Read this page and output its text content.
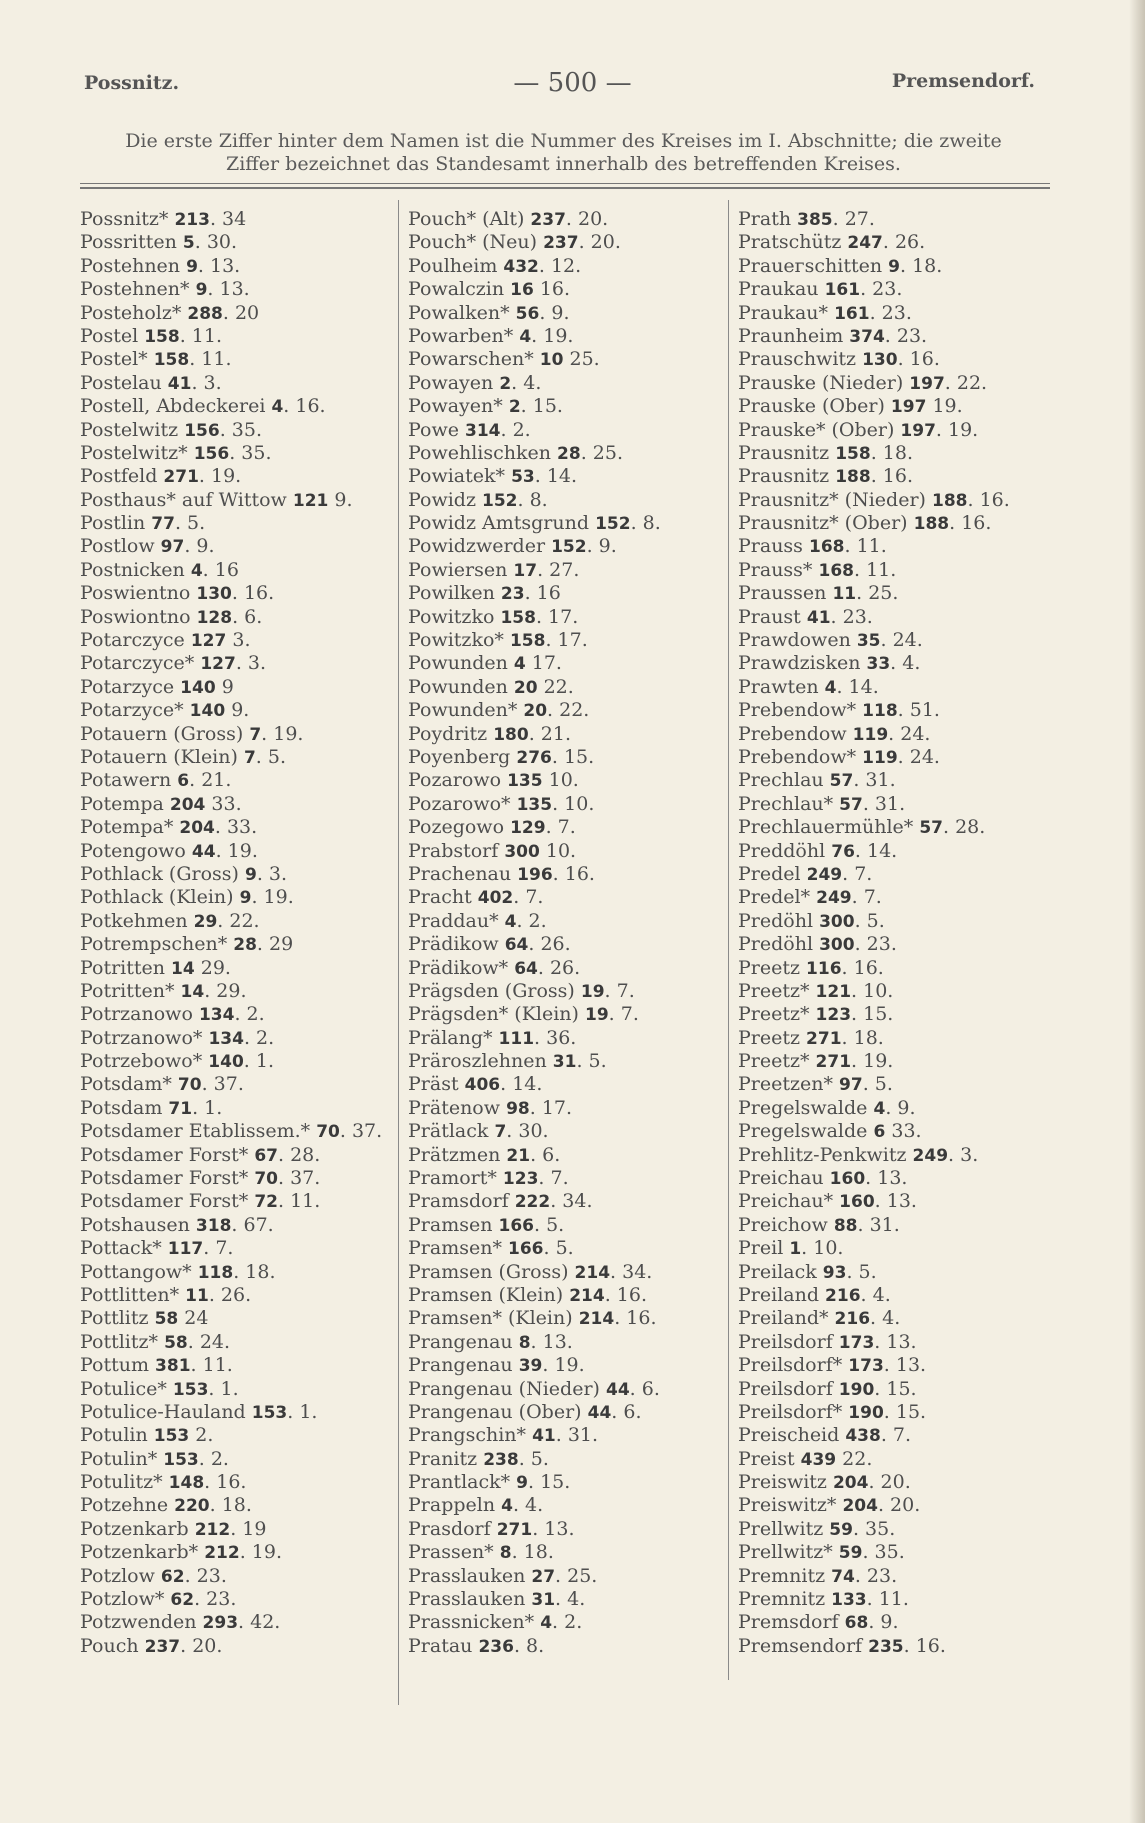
Possnitz.	— 500 —	Premsendorf.
Die erste Ziffer hinter dem Namen ist die Nummer des Kreises im I. Abschnitte; die zweite
Ziffer bezeichnet das Standesamt innerhalb des betreffenden Kreises.
Possnitz* 213. 34
Possritten 5. 30.
Postehnen 9. 13.
Postehnen* 9. 13.
Posteholz* 288. 20
Postel 158. 11.
Postel* 158. 11.
Postelau 41. 3.
Postell, Abdeckerei 4. 16.
Postelwitz 156. 35.
Postelwitz* 156. 35.
Postfeld 271. 19.
Posthaus* auf Wittow 121 9.
Postlin 77. 5.
Postlow 97. 9.
Postnicken 4. 16
Poswientno 130. 16.
Poswiontno 128. 6.
Potarczyce 127 3.
Potarczyce* 127. 3.
Potarzyce 140 9
Potarzyce* 140 9.
Potauern (Gross) 7. 19.
Potauern (Klein) 7. 5.
Potawern 6. 21.
Potempa 204 33.
Potempa* 204. 33.
Potengowo 44. 19.
Pothlack (Gross) 9. 3.
Pothlack (Klein) 9. 19.
Potkehmen 29. 22.
Potrempschen* 28. 29
Potritten 14 29.
Potritten* 14. 29.
Potrzanowo 134. 2.
Potrzanowo* 134. 2.
Potrzebowo* 140. 1.
Potsdam* 70. 37.
Potsdam 71. 1.
Potsdamer Etablissem.* 70. 37.
Potsdamer Forst* 67. 28.
Potsdamer Forst* 70. 37.
Potsdamer Forst* 72. 11.
Potshausen 318. 67.
Pottack* 117. 7.
Pottangow* 118. 18.
Pottlitten* 11. 26.
Pottlitz 58 24
Pottlitz* 58. 24.
Pottum 381. 11.
Potulice* 153. 1.
Potulice-Hauland 153. 1.
Potulin 153 2.
Potulin* 153. 2.
Potulitz* 148. 16.
Potzehne 220. 18.
Potzenkarb 212. 19
Potzenkarb* 212. 19.
Potzlow 62. 23.
Potzlow* 62. 23.
Potzwenden 293. 42.
Pouch 237. 20.
Pouch* (Alt) 237. 20.
Pouch* (Neu) 237. 20.
Poulheim 432. 12.
Powalczin 16 16.
Powalken* 56. 9.
Powarben* 4. 19.
Powarschen* 10 25.
Powayen 2. 4.
Powayen* 2. 15.
Powe 314. 2.
Powehlischken 28. 25.
Powiatek* 53. 14.
Powidz 152. 8.
Powidz Amtsgrund 152. 8.
Powidzwerder 152. 9.
Powiersen 17. 27.
Powilken 23. 16
Powitzko 158. 17.
Powitzko* 158. 17.
Powunden 4 17.
Powunden 20 22.
Powunden* 20. 22.
Poydritz 180. 21.
Poyenberg 276. 15.
Pozarowo 135 10.
Pozarowo* 135. 10.
Pozegowo 129. 7.
Prabstorf 300 10.
Prachenau 196. 16.
Pracht 402. 7.
Praddau* 4. 2.
Prädikow 64. 26.
Prädikow* 64. 26.
Prägsden (Gross) 19. 7.
Prägsden* (Klein) 19. 7.
Prälang* 111. 36.
Präroszlehnen 31. 5.
Präst 406. 14.
Prätenow 98. 17.
Prätlack 7. 30.
Prätzmen 21. 6.
Pramort* 123. 7.
Pramsdorf 222. 34.
Pramsen 166. 5.
Pramsen* 166. 5.
Pramsen (Gross) 214. 34.
Pramsen (Klein) 214. 16.
Pramsen* (Klein) 214. 16.
Prangenau 8. 13.
Prangenau 39. 19.
Prangenau (Nieder) 44. 6.
Prangenau (Ober) 44. 6.
Prangschin* 41. 31.
Pranitz 238. 5.
Prantlack* 9. 15.
Prappeln 4. 4.
Prasdorf 271. 13.
Prassen* 8. 18.
Prasslauken 27. 25.
Prasslauken 31. 4.
Prassnicken* 4. 2.
Pratau 236. 8.
Prath 385. 27.
Pratschütz 247. 26.
Praueгschitten 9. 18.
Praukau 161. 23.
Praukau* 161. 23.
Praunheim 374. 23.
Prauschwitz 130. 16.
Prauske (Nieder) 197. 22.
Prauske (Ober) 197 19.
Prauske* (Ober) 197. 19.
Prausnitz 158. 18.
Prausnitz 188. 16.
Prausnitz* (Nieder) 188. 16.
Prausnitz* (Ober) 188. 16.
Prauss 168. 11.
Prauss* 168. 11.
Praussen 11. 25.
Praust 41. 23.
Prawdowen 35. 24.
Prawdzisken 33. 4.
Prawten 4. 14.
Prebendow* 118. 51.
Prebendow 119. 24.
Prebendow* 119. 24.
Prechlau 57. 31.
Prechlau* 57. 31.
Prechlauermühle* 57. 28.
Preddöhl 76. 14.
Predel 249. 7.
Predel* 249. 7.
Predöhl 300. 5.
Predöhl 300. 23.
Preetz 116. 16.
Preetz* 121. 10.
Preetz* 123. 15.
Preetz 271. 18.
Preetz* 271. 19.
Preetzen* 97. 5.
Pregelswalde 4. 9.
Pregelswalde 6 33.
Prehlitz-Penkwitz 249. 3.
Preichau 160. 13.
Preichau* 160. 13.
Preichow 88. 31.
Preil 1. 10.
Preilack 93. 5.
Preiland 216. 4.
Preiland* 216. 4.
Preilsdorf 173. 13.
Preilsdorf* 173. 13.
Preilsdorf 190. 15.
Preilsdorf* 190. 15.
Preischeid 438. 7.
Preist 439 22.
Preiswitz 204. 20.
Preiswitz* 204. 20.
Prellwitz 59. 35.
Prellwitz* 59. 35.
Premnitz 74. 23.
Premnitz 133. 11.
Premsdorf 68. 9.
Premsendorf 235. 16.
